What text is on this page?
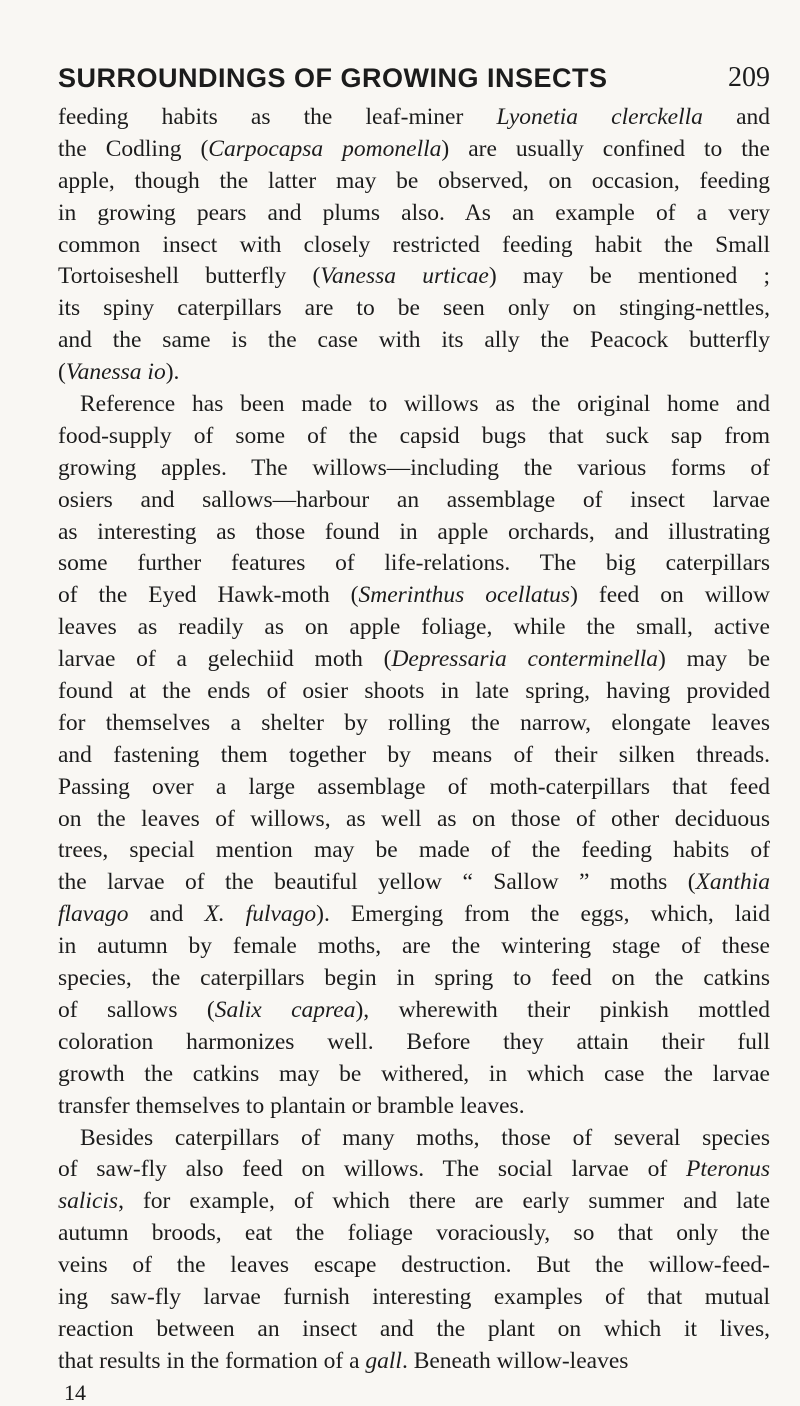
SURROUNDINGS OF GROWING INSECTS	209
feeding habits as the leaf-miner Lyonetia clerckella and
the Codling (Carpocapsa pomonella) are usually confined to the
apple, though the latter may be observed, on occasion, feeding
in growing pears and plums also. As an example of a very
common insect with closely restricted feeding habit the Small
Tortoiseshell butterfly (Vanessa urticae) may be mentioned ;
its spiny caterpillars are to be seen only on stinging-nettles,
and the same is the case with its ally the Peacock butterfly
(Vanessa io).
Reference has been made to willows as the original home and
food-supply of some of the capsid bugs that suck sap from
growing apples. The willows—including the various forms of
osiers and sallows—harbour an assemblage of insect larvae
as interesting as those found in apple orchards, and illustrating
some further features of life-relations. The big caterpillars
of the Eyed Hawk-moth (Smerinthus ocellatus) feed on willow
leaves as readily as on apple foliage, while the small, active
larvae of a gelechiid moth (Depressaria conterminella) may be
found at the ends of osier shoots in late spring, having provided
for themselves a shelter by rolling the narrow, elongate leaves
and fastening them together by means of their silken threads.
Passing over a large assemblage of moth-caterpillars that feed
on the leaves of willows, as well as on those of other deciduous
trees, special mention may be made of the feeding habits of
the larvae of the beautiful yellow “ Sallow ” moths (Xanthia
flavago and X. fulvago). Emerging from the eggs, which, laid
in autumn by female moths, are the wintering stage of these
species, the caterpillars begin in spring to feed on the catkins
of sallows (Salix caprea), wherewith their pinkish mottled
coloration harmonizes well. Before they attain their full
growth the catkins may be withered, in which case the larvae
transfer themselves to plantain or bramble leaves.
Besides caterpillars of many moths, those of several species
of saw-fly also feed on willows. The social larvae of Pteronus
salicis, for example, of which there are early summer and late
autumn broods, eat the foliage voraciously, so that only the
veins of the leaves escape destruction. But the willow-feed-
ing saw-fly larvae furnish interesting examples of that mutual
reaction between an insect and the plant on which it lives,
that results in the formation of a gall. Beneath willow-leaves
14
